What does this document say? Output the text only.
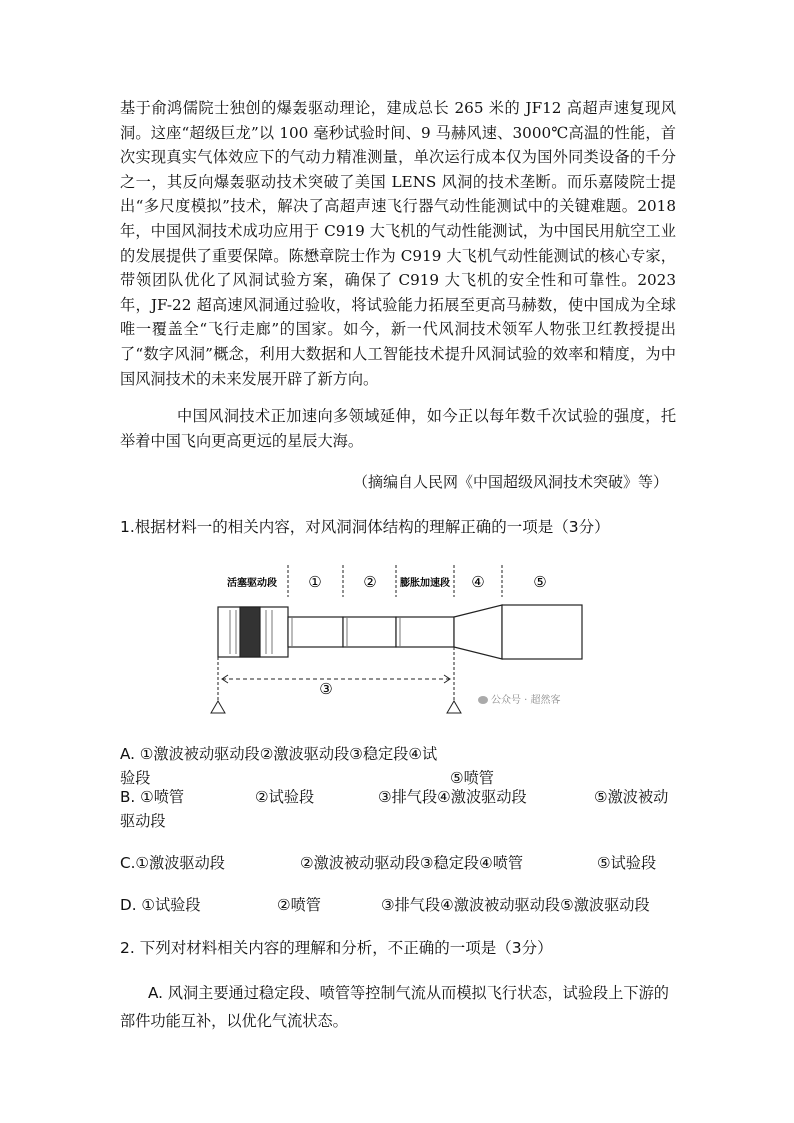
基于俞鸿儒院士独创的爆轰驱动理论，建成总长 265 米的 JF12 高超声速复现风洞。这座“超级巨龙”以 100 毫秒试验时间、9 马赫风速、3000℃高温的性能，首次实现真实气体效应下的气动力精准测量，单次运行成本仅为国外同类设备的千分之一，其反向爆轰驱动技术突破了美国 LENS 风洞的技术垄断。而乐嘉陵院士提出“多尺度模拟”技术，解决了高超声速飞行器气动性能测试中的关键难题。2018 年，中国风洞技术成功应用于 C919 大飞机的气动性能测试，为中国民用航空工业的发展提供了重要保障。陈懋章院士作为 C919 大飞机气动性能测试的核心专家，带领团队优化了风洞试验方案，确保了 C919 大飞机的安全性和可靠性。2023 年，JF-22 超高速风洞通过验收，将试验能力拓展至更高马赫数，使中国成为全球唯一覆盖全“飞行走廊”的国家。如今，新一代风洞技术领军人物张卫红教授提出了“数字风洞”概念，利用大数据和人工智能技术提升风洞试验的效率和精度，为中国风洞技术的未来发展开辟了新方向。

中国风洞技术正加速向多领域延伸，如今正以每年数千次试验的强度，托举着中国飞向更高更远的星辰大海。

（摘编自人民网《中国超级风洞技术突破》等）

1.根据材料一的相关内容，对风洞洞体结构的理解正确的一项是（3分）

活塞驱动段 ①	② 膨胀加速段 ④	⑤
③
公众号 · 超然客

A. ①激波被动驱动段②激波驱动段③稳定段④试验段	⑤喷管

B. ①喷管	②试验段	③排气段④激波驱动段	⑤激波被动驱动段

C.①激波驱动段	②激波被动驱动段③稳定段④喷管	⑤试验段

D. ①试验段	②喷管	③排气段④激波被动驱动段⑤激波驱动段

2. 下列对材料相关内容的理解和分析，不正确的一项是（3分）

A. 风洞主要通过稳定段、喷管等控制气流从而模拟飞行状态，试验段上下游的部件功能互补，以优化气流状态。
